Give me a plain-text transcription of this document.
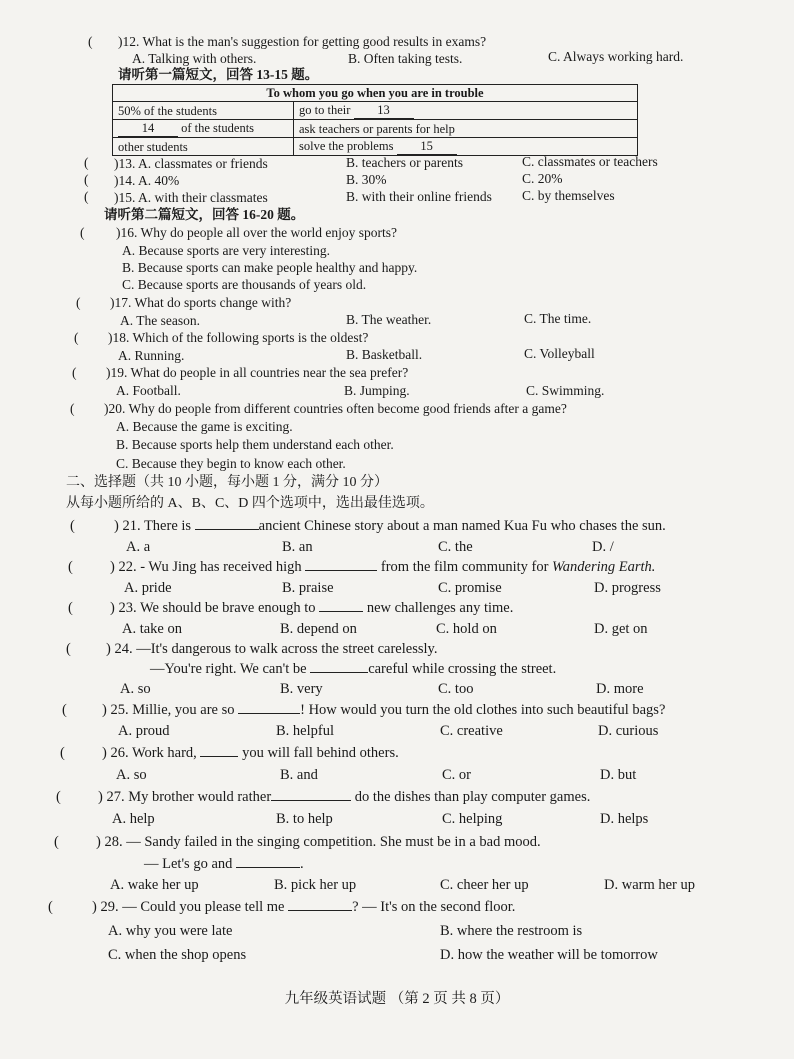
( )12. What is the man's suggestion for getting good results in exams?
A. Talking with others.	B. Often taking tests.	C. Always working hard.
请听第一篇短文，回答 13-15 题。
To whom you go when you are in trouble	
50% of the students	go to their 13
14 of the students	ask teachers or parents for help
other students	solve the problems 15
( )13. A. classmates or friends	B. teachers or parents	C. classmates or teachers
( )14. A. 40%	B. 30%	C. 20%
( )15. A. with their classmates	B. with their online friends C. by themselves
请听第二篇短文，回答 16-20 题。
( )16. Why do people all over the world enjoy sports?
A. Because sports are very interesting.
B. Because sports can make people healthy and happy.
C. Because sports are thousands of years old.
( )17. What do sports change with?
A. The season.	B. The weather.	C. The time.
( )18. Which of the following sports is the oldest?
A. Running.	B. Basketball.	C. Volleyball
( )19. What do people in all countries near the sea prefer?
A. Football.	B. Jumping.	C. Swimming.
( )20. Why do people from different countries often become good friends after a game?
A. Because the game is exciting.
B. Because sports help them understand each other.
C. Because they begin to know each other.
二、选择题（共 10 小题，每小题 1 分，满分 10 分）
从每小题所给的 A、B、C、D 四个选项中，选出最佳选项。
(	) 21. There is	ancient Chinese story about a man named Kua Fu who chases the sun.
A. a	B. an	C. the	D. /
(	) 22. - Wu Jing has received high	from the film community for Wandering Earth.
A. pride	B. praise	C. promise	D. progress
(	) 23. We should be brave enough to	new challenges any time.
A. take on	B. depend on	C. hold on	D. get on
( ) 24. —It's dangerous to walk across the street carelessly.
—You're right. We can't be	careful while crossing the street.
A. so	B. very	C. too	D. more
( ) 25. Millie, you are so	! How would you turn the old clothes into such beautiful bags?
A. proud	B. helpful	C. creative	D. curious
(	) 26. Work hard,	you will fall behind others.
A. so	B. and	C. or	D. but
(	) 27. My brother would rather	do the dishes than play computer games.
A. help	B. to help	C. helping	D. helps
(	) 28. — Sandy failed in the singing competition. She must be in a bad mood.
— Let's go and	.
A. wake her up	B. pick her up	C. cheer her up	D. warm her up
(	) 29. — Could you please tell me	? — It's on the second floor.
A. why you were late	B. where the restroom is
C. when the shop opens	D. how the weather will be tomorrow
九年级英语试题 （第 2 页 共 8 页）
